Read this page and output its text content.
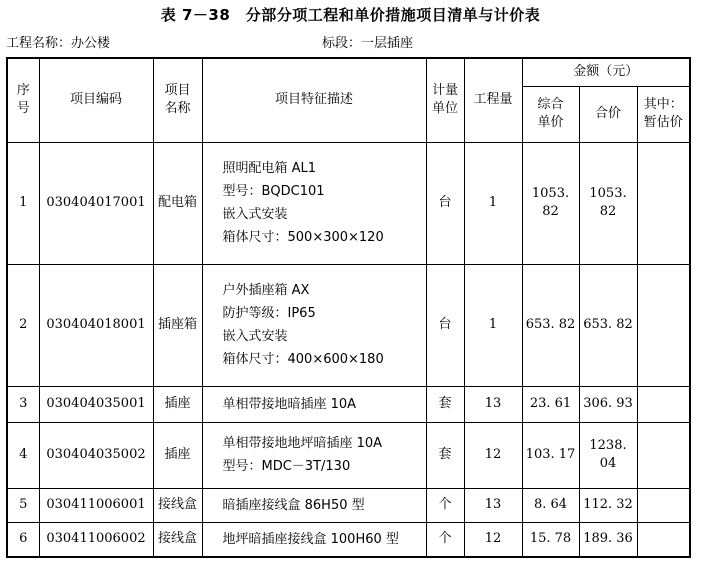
表 7－38　分部分项工程和单价措施项目清单与计价表
工程名称：办公楼	标段：一层插座
序号	项目编码	项目名称	项目特征描述	计量单位	工程量	金额（元）		
						综合单价	合价	其中：暂估价
1	030404017001	配电箱	照明配电箱 AL1
型号：BQDC101
嵌入式安装
箱体尺寸：500×300×120	台	1	1053. 82	1053. 82	
2	030404018001	插座箱	户外插座箱 AX
防护等级：IP65
嵌入式安装
箱体尺寸：400×600×180	台	1	653. 82	653. 82	
3	030404035001	插座	单相带接地暗插座 10A	套	13	23. 61	306. 93	
4	030404035002	插座	单相带接地地坪暗插座 10A
型号：MDC－3T/130	套	12	103. 17	1238. 04	
5	030411006001	接线盒	暗插座接线盒 86H50 型	个	13	8. 64	112. 32	
6	030411006002	接线盒	地坪暗插座接线盒 100H60 型	个	12	15. 78	189. 36	
